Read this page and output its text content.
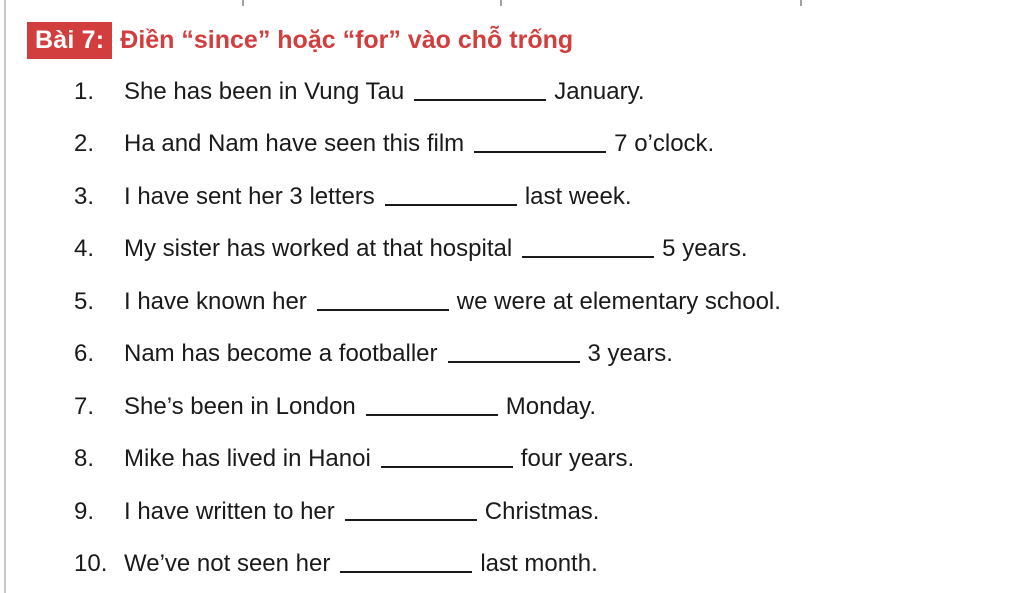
Bài 7: Điền “since” hoặc “for” vào chỗ trống
1.	She has been in Vung Tau	January.
2.	Ha and Nam have seen this film	7 o’clock.
3.	I have sent her 3 letters	last week.
4.	My sister has worked at that hospital	5 years.
5.	I have known her	we were at elementary school.
6.	Nam has become a footballer	3 years.
7.	She’s been in London	Monday.
8.	Mike has lived in Hanoi	four years.
9.	I have written to her	Christmas.
10. We’ve not seen her	last month.
